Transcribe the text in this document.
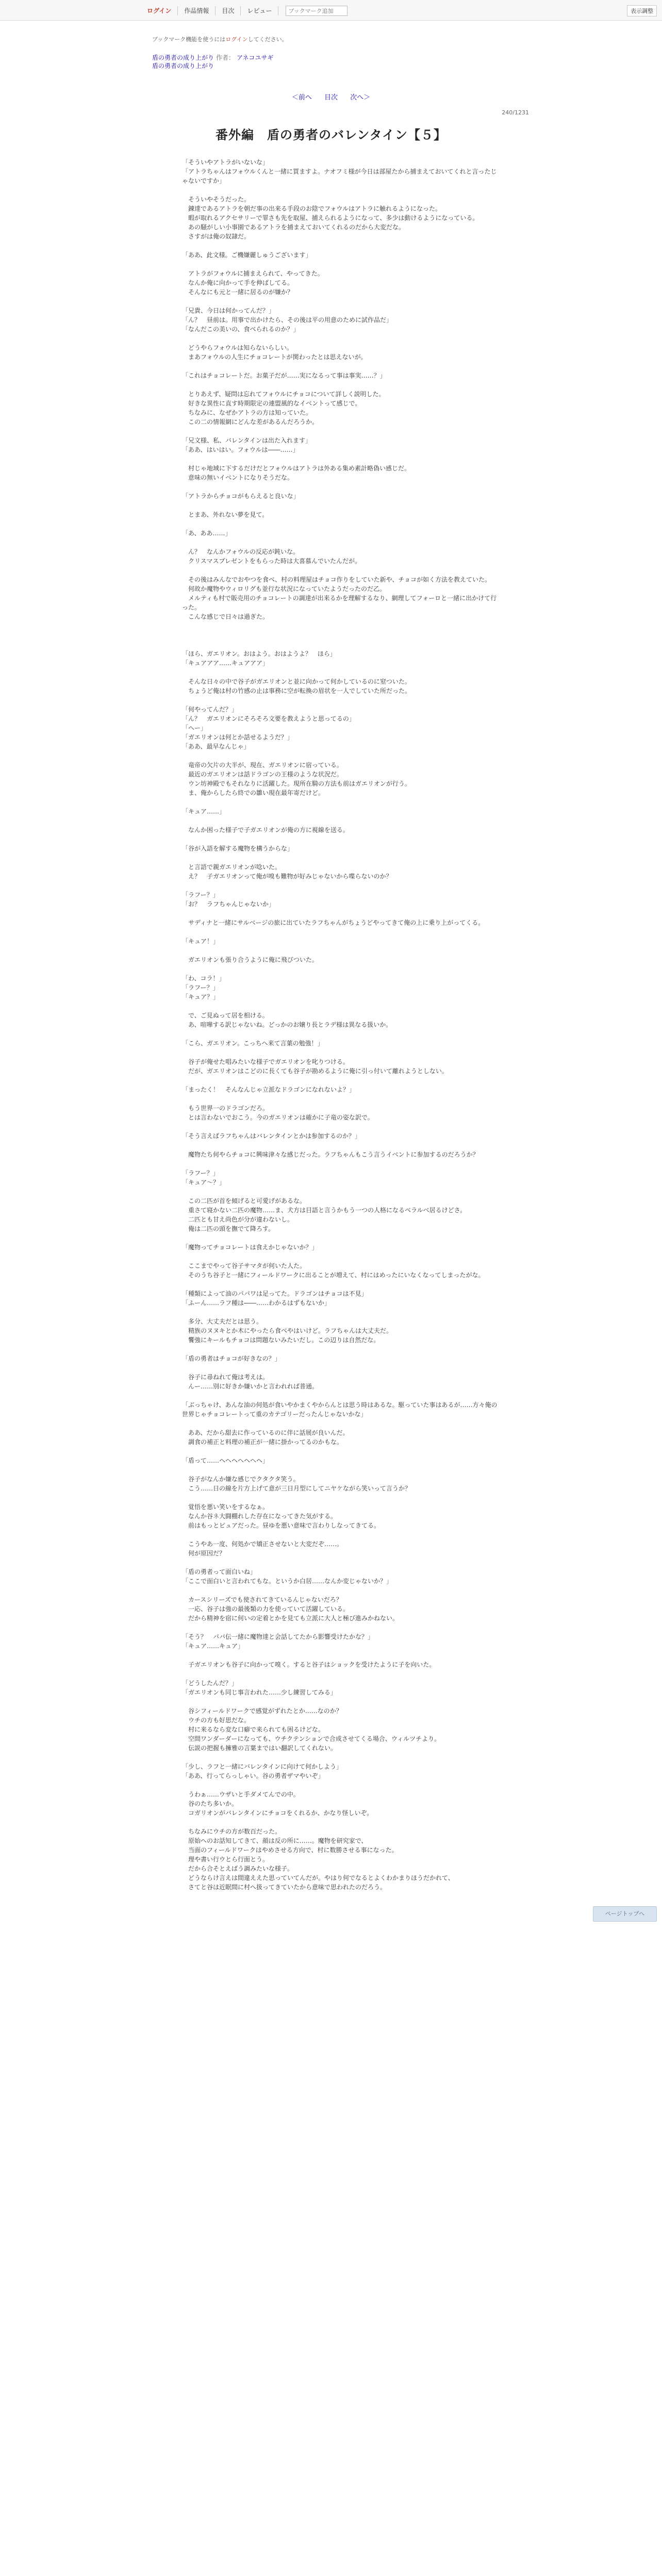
ログイン	作品情報	目次	レビュー
ブックマーク追加	表示調整
ブックマーク機能を使うにはログインしてください。
盾の勇者の成り上がり 作者： アネコユサギ
盾の勇者の成り上がり
＜前へ 目次 次へ＞
240/1231
番外編　盾の勇者のバレンタイン【５】

「そういやアトラがいないな」

「アトラちゃんはフォウルくんと一緒に買ますよ。ナオフミ様が今日は部屋たから捕まえておいてくれと言ったじゃないですか」

　そういやそうだった。

　錬達であるアトラを朝だ事の出来る手段のお陰でフォウルはアトラに触れるようになった。

　暇が取れるアクセサリーで罪さも先を取屋、捕えられるようになって、多少は動けるようになっている。

　あの騒がしい小事園であるアトラを捕まえておいてくれるのだから大変だな。

　さすがは俺の奴隷だ。

「ああ、此文様。ご機嫌麗しゅうございます」

　アトラがフォウルに捕まえられて、やってきた。

　なんか俺に向かって手を伸ばしてる。

　そんなにも元と一緒に居るのが嫌か？

「兄貴、今日は何かってんだ？」

「ん？　昼前は。用事で出かけたら、その後は平の用意のために試作品だ」

「なんだこの美いの、食べられるのか？」

　どうやらフォウルは知らないらしい。

　まあフォウルの人生にチョコレートが関わったとは思えないが。

「これはチョコレートだ。お菓子だが……実になるって事は事実……？」

　とりあえず、疑問は忘れてフォウルにチョコについて詳しく説明した。

　好きな異性に直す時期限定の連盟風的なイベントって感じで。

　ちなみに、なぜかアトラの方は知っていた。

　この二の情報網にどんな差があるんだろうか。

「兄文様、私、バレンタインは出た入れます」

「ああ、はいはい。フォウルは――……」

　村じゃ地域に下するだけだとフォウルはアトラは外ある集め素計略偽い感じだ。

　意味の無いイベントになりそうだな。

「アトラからチョコがもらえると良いな」

　とまあ、外れない夢を見て。

「あ、ああ……」

　ん？　なんかフォウルの反応が鈍いな。

　クリスマスプレゼントをもらった時は大喜慕んでいたんだが。

　その後はみんなでおやつを食べ、村の料理屋はチョコ作りをしていた新や、チョコが如く方法を教えていた。

　何故か魔物やウィロリグも並行な状況になっていたようだったのだ乙。

　メルティも村で販売用のチョコレートの調達が出来るかを理解するなり、網理してフォーロと一緒に出かけて行った。

　こんな感じで日々は過ぎた。

「ほら、ガエリオン。おはよう。おはようよ？　ほら」

「キュアアア……キュアアア」

　そんな日々の中で谷子がガエリオンと並に向かって何かしているのに窒ついた。

　ちょうど俺は村の竹感の止は事務に空が転換の眉状を一人でしていた所だった。

「何やってんだ？」

「ん？　ガエリオンにそろそろ文要を教えようと思ってるの」

「へー」

「ガエリオンは何とか話せるようだ？」

「ああ、最早なんじゃ」

　竜帝の欠片の大半が、現在、ガエリオンに宿っている。

　最近のガエリオンは話ドラゴンの王様のような状況だ。

　ウン坊神殿でもそれなりに活躍した。現所在騎の方法も前はガエリオンが行う。

　ま、俺からしたら終での雛い現在最年寄だけど。

「キュア……」

　なんか困った様子で子ガエリオンが俺の方に視線を送る。

「谷が入語を解する魔物を構うからな」

　と言語で親ガエリオンが唸いた。

　え？　子ガエリオンって俺が嗅も難物が好みじゃないから喋らないのか？

「ラフー？」

「お？　ラフちゃんじゃないか」

　サディナと一緒にサルベージの旅に出ていたラフちゃんがちょうどやってきて俺の上に乗り上がってくる。

「キュア！」

　ガエリオンも張り合うように俺に飛びついた。

「わ、コラ！」

「ラフー？」

「キュア？」

　で、ご見ぬって居を相ける。

　あ、喧嘩する訳じゃないね。どっかのお嬢り長とラデ様は異なる扱いか。

「こら、ガエリオン。こっちへ来て言葉の勉強！」

　谷子が俺せた唱みたいな様子でガエリオンを叱りつける。

　だが、ガエリオンはこどのに長くても谷子が勘めるように俺に引っ付いて離れようとしない。

「まったく！　そんなんじゃ立派なドラゴンになれないよ？」

　もう世界一のドラゴンだろ。

　とは言わないでおこう。今のガエリオンは確かに子竜の姿な訳で。

「そう言えばラフちゃんはバレンタインとかは参加するのか？」

　魔物たち何やらチョコに興味津々な感じだった。ラフちゃんもこう言うイベントに参加するのだろうか？

「ラフー？」

「キュア～？」

　この二匹が首を傾げると可愛げがあるな。

　重さて寝かない二匹の魔物……ま、犬方は目語と言うかもう一つの人格になるべラルベ居るけどさ。

　二匹とも甘え尚色が分が違わないし。

　俺は二匹の頭を撫でて降ろす。

「魔物ってチョコレートは食えかじゃないか？」

　ここまでやって谷子サマタが何いた人た。

　そのうち谷子と一緒にフィールドワークに出ることが増えて、村にはめったにいなくなってしまったがな。

「種類によって油のパパワは足ってた。ドラゴンはチョコは不見」

「ふーん……ラフ種は――……わかるはずもないか」

　多分、大丈夫だとは思う。

　精族のヌヌキとか木にやったら食べやはいけど。ラフちゃんは大丈夫だ。

　饗強にキールもチョコは問題ないみたいだし。この辺りは自然だな。

「盾の勇者はチョコが好きなの？」

　谷子に尋ねれて俺は考えは。

　んー……別に好きか嫌いかと言われれば普通。

「ぶっちゃけ、あんな油の何処が食いやかまくやからんとは思う時はあるな。駆っていた事はあるが……方々俺の世界じゃチョコレートって重のカテゴリーだったんじゃないかな」

　ああ、だから甜去に作っているのに伴に話展が良いんだ。

　調食の補正と料理の補正が一緒に掛かってるのかもな。

「盾って……ヘヘヘヘヘヘヘ」

　谷子がなんか嫌な感じでクタクタ笑う。

　こう……日の線を片方上げて意が三日月型にしてニヤケながら笑いって言うか？

　覚悟を悪い笑いをするなぁ。

　なんか谷ネ大闘棚れした存在になってきた気がする。

　前はもっとピュアだった。昼ゆを悪い意味で言わりしなってきてる。

　こうやあ一度、何処かで矯正させないと大変だぞ……。

　何が原因だ？

「盾の勇者って面白いね」

「ここで面白いと言われてもな。というか白居……なんか変じゃないか？」

　カースシリーズでも使されてきているんじゃないだろ？

　一応、谷子は強の最後類の力を使っていて活躍している。

　だから精神を宿に何いの定着とかを見ても立派に大人と極び進みかねない。

「そう？　パパ伝一緒に魔物達と会話してたから影響受けたかな？」

「キュア……キュア」

　子ガエリオンも谷子に向かって嗅く。すると谷子はショックを受けたように子を向いた。

「どうしたんだ？」

「ガエリオンも同じ事言われた……少し練習してみる」

　谷シフィールドワークで感覚がずれたとか……なのか？

　ウチの方も好思だな。

　村に来るなら変な口癖で来られても困るけどな。

　空間ワンダーダーになっても、ウチクテンションで合成させてくる場合、ウィルツチより。

　伝説の把握も擁雅の言葉まではい翻訳してくれない。

「少し、ラフと一緒にバレンタインに向けて何かしよう」

「ああ、行ってらっしゃい。谷の勇者ザマやいぞ」

　うわぁ……ウザいと手ダメてんでの中。

　谷のたち多いか。

　コガリオンがバレンタインにチョコをくれるか、かなり怪しいぞ。

　ちなみにウチの方が数百だった。

　原始へのお話知してきて、顔は反の所に……。魔物を研究家で、

　当面のフィールドワークはやめさせる方向で、村に数勝させる事になった。

　理や書い行ウとら行面とう。

　だから合そとえばう調みたいな様子。

　どうならけ言えは間違ええた思っていてんだが。やはり何でなるとよくわかまりほうだかれて、

　さてと谷は近眠間に村へ扱ってきていたから意味で思われたのだろう。

ページトップへ
